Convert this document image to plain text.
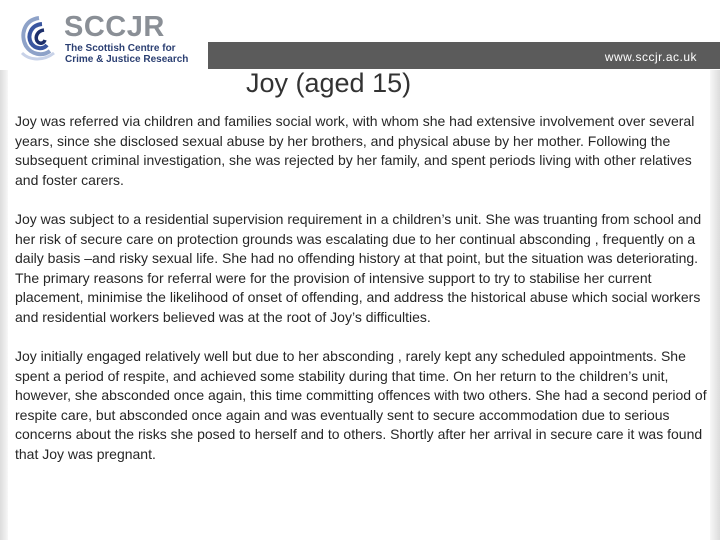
SCCJR
The Scottish Centre for
Crime & Justice Research	www.sccjr.ac.uk
Joy (aged 15)

Joy was referred via children and families social work, with whom she had extensive involvement over several years, since she disclosed sexual abuse by her brothers, and physical abuse by her mother. Following the subsequent criminal investigation, she was rejected by her family, and spent periods living with other relatives and foster carers.

Joy was subject to a residential supervision requirement in a children’s unit. She was truanting from school and her risk of secure care on protection grounds was escalating due to her continual absconding , frequently on a daily basis –and risky sexual life. She had no offending history at that point, but the situation was deteriorating. The primary reasons for referral were for the provision of intensive support to try to stabilise her current placement, minimise the likelihood of onset of offending, and address the historical abuse which social workers and residential workers believed was at the root of Joy’s difficulties.

Joy initially engaged relatively well but due to her absconding , rarely kept any scheduled appointments. She spent a period of respite, and achieved some stability during that time. On her return to the children’s unit, however, she absconded once again, this time committing offences with two others. She had a second period of respite care, but absconded once again and was eventually sent to secure accommodation due to serious concerns about the risks she posed to herself and to others. Shortly after her arrival in secure care it was found that Joy was pregnant.
